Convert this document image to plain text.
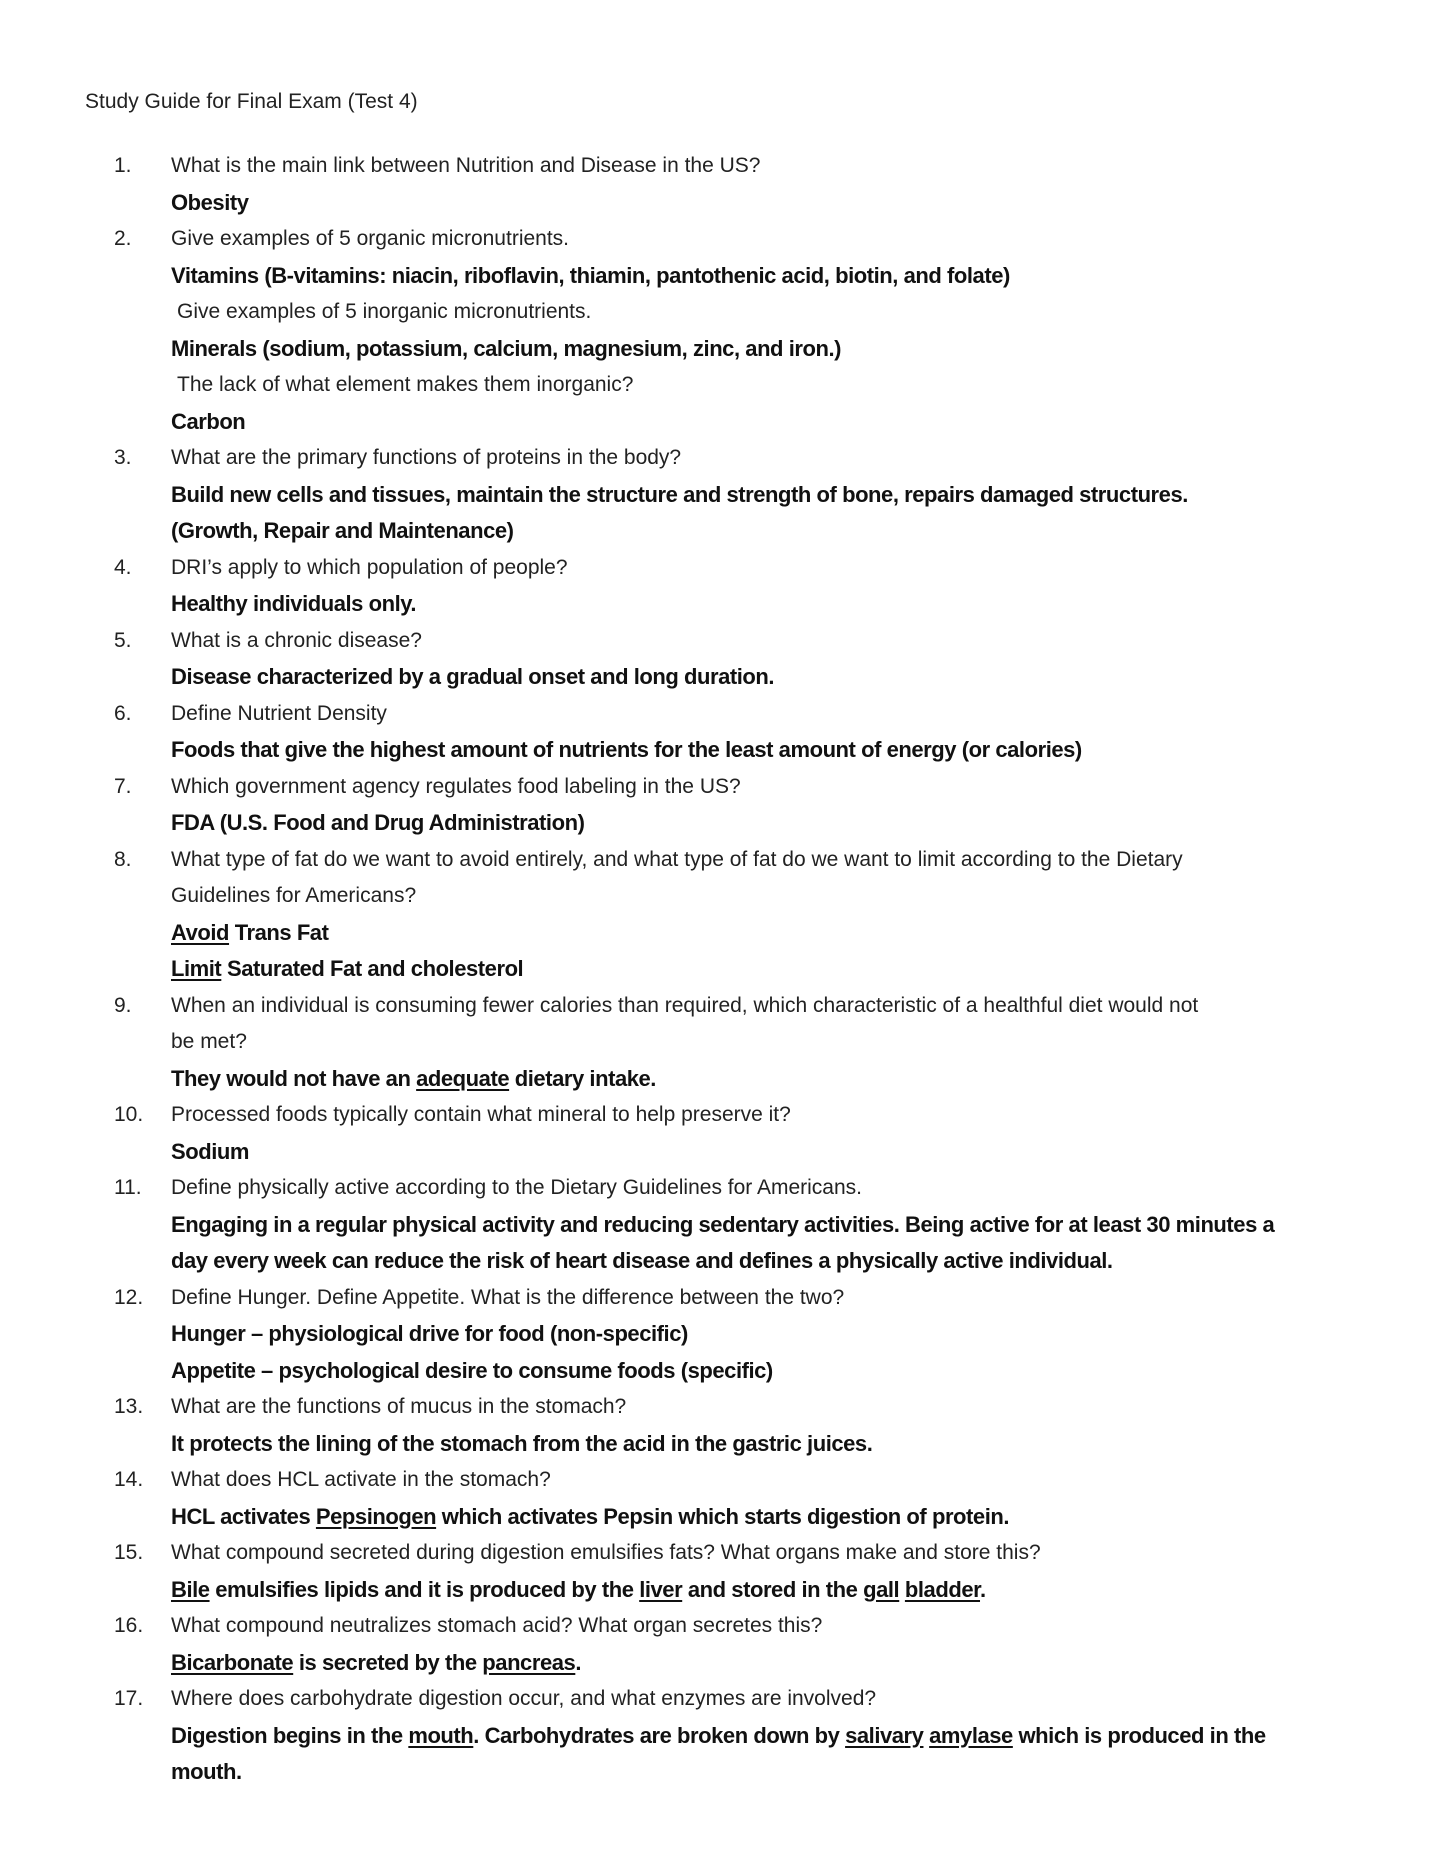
Study Guide for Final Exam (Test 4)
1.	What is the main link between Nutrition and Disease in the US?
Obesity
2.	Give examples of 5 organic micronutrients.
Vitamins (B-vitamins: niacin, riboflavin, thiamin, pantothenic acid, biotin, and folate)
Give examples of 5 inorganic micronutrients.
Minerals (sodium, potassium, calcium, magnesium, zinc, and iron.)
The lack of what element makes them inorganic?
Carbon
3.	What are the primary functions of proteins in the body?
Build new cells and tissues, maintain the structure and strength of bone, repairs damaged structures.
(Growth, Repair and Maintenance)
4.	DRI’s apply to which population of people?
Healthy individuals only.
5.	What is a chronic disease?
Disease characterized by a gradual onset and long duration.
6.	Define Nutrient Density
Foods that give the highest amount of nutrients for the least amount of energy (or calories)
7.	Which government agency regulates food labeling in the US?
FDA (U.S. Food and Drug Administration)
8.	What type of fat do we want to avoid entirely, and what type of fat do we want to limit according to the Dietary
Guidelines for Americans?
Avoid Trans Fat
Limit Saturated Fat and cholesterol
9.	When an individual is consuming fewer calories than required, which characteristic of a healthful diet would not
be met?
They would not have an adequate dietary intake.
10.	Processed foods typically contain what mineral to help preserve it?
Sodium
11.	Define physically active according to the Dietary Guidelines for Americans.
Engaging in a regular physical activity and reducing sedentary activities. Being active for at least 30 minutes a
day every week can reduce the risk of heart disease and defines a physically active individual.
12.	Define Hunger. Define Appetite. What is the difference between the two?
Hunger – physiological drive for food (non-specific)
Appetite – psychological desire to consume foods (specific)
13.	What are the functions of mucus in the stomach?
It protects the lining of the stomach from the acid in the gastric juices.
14.	What does HCL activate in the stomach?
HCL activates Pepsinogen which activates Pepsin which starts digestion of protein.
15.	What compound secreted during digestion emulsifies fats? What organs make and store this?
Bile emulsifies lipids and it is produced by the liver and stored in the gall bladder.
16.	What compound neutralizes stomach acid? What organ secretes this?
Bicarbonate is secreted by the pancreas.
17.	Where does carbohydrate digestion occur, and what enzymes are involved?
Digestion begins in the mouth. Carbohydrates are broken down by salivary amylase which is produced in the
mouth.
